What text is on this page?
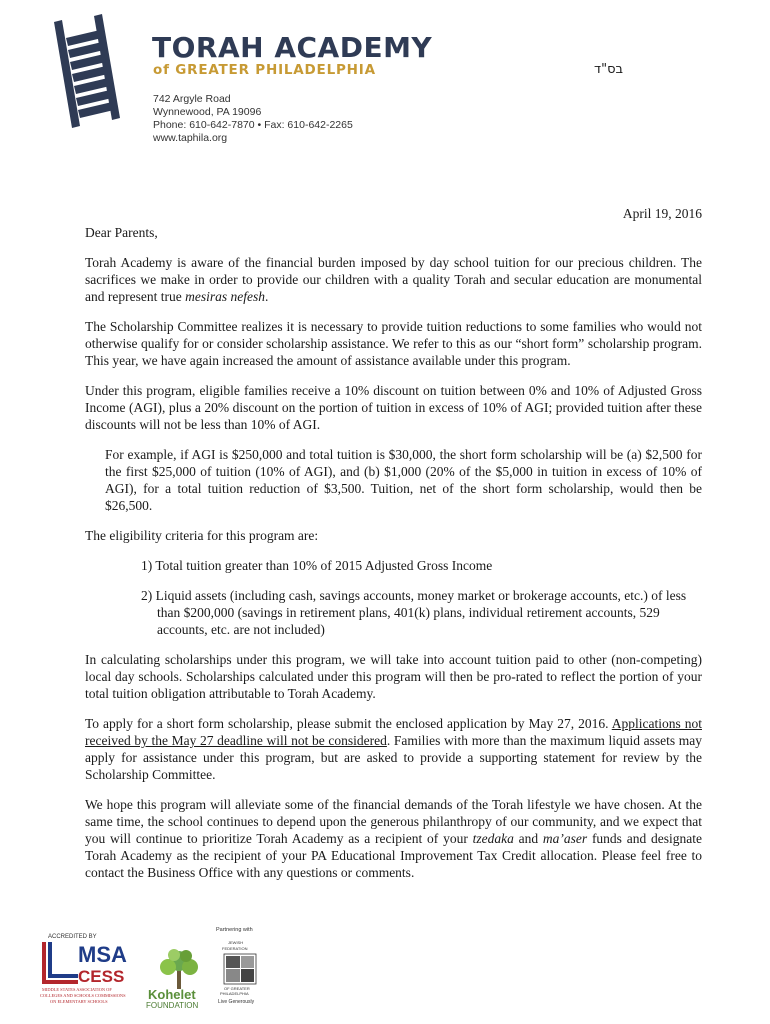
TORAH ACADEMY
of GREATER PHILADELPHIA	בס"ד
742 Argyle Road
Wynnewood, PA 19096
Phone: 610-642-7870 • Fax: 610-642-2265
www.taphila.org

April 19, 2016

Dear Parents,

Torah Academy is aware of the financial burden imposed by day school tuition for our precious children. The sacrifices we make in order to provide our children with a quality Torah and secular education are monumental and represent true mesiras nefesh.

The Scholarship Committee realizes it is necessary to provide tuition reductions to some families who would not otherwise qualify for or consider scholarship assistance. We refer to this as our “short form” scholarship program. This year, we have again increased the amount of assistance available under this program.

Under this program, eligible families receive a 10% discount on tuition between 0% and 10% of Adjusted Gross Income (AGI), plus a 20% discount on the portion of tuition in excess of 10% of AGI; provided tuition after these discounts will not be less than 10% of AGI.

For example, if AGI is $250,000 and total tuition is $30,000, the short form scholarship will be (a) $2,500 for the first $25,000 of tuition (10% of AGI), and (b) $1,000 (20% of the $5,000 in tuition in excess of 10% of AGI), for a total tuition reduction of $3,500. Tuition, net of the short form scholarship, would then be $26,500.

The eligibility criteria for this program are:

1) Total tuition greater than 10% of 2015 Adjusted Gross Income

2) Liquid assets (including cash, savings accounts, money market or brokerage accounts, etc.) of less than $200,000 (savings in retirement plans, 401(k) plans, individual retirement accounts, 529 accounts, etc. are not included)

In calculating scholarships under this program, we will take into account tuition paid to other (non-competing) local day schools. Scholarships calculated under this program will then be pro-rated to reflect the portion of your total tuition obligation attributable to Torah Academy.

To apply for a short form scholarship, please submit the enclosed application by May 27, 2016. Applications not received by the May 27 deadline will not be considered. Families with more than the maximum liquid assets may apply for assistance under this program, but are asked to provide a supporting statement for review by the Scholarship Committee.

We hope this program will alleviate some of the financial demands of the Torah lifestyle we have chosen. At the same time, the school continues to depend upon the generous philanthropy of our community, and we expect that you will continue to prioritize Torah Academy as a recipient of your tzedaka and ma’aser funds and designate Torah Academy as the recipient of your PA Educational Improvement Tax Credit allocation. Please feel free to contact the Business Office with any questions or comments.

ACCREDITED BY
MSA
CESS
MIDDLE STATES ASSOCIATION OF
COLLEGES AND SCHOOLS COMMISSIONS
ON ELEMENTARY SCHOOLS	Kohelet
FOUNDATION
Partnering with
JEWISH
FEDERATION
OF GREATER
PHILADELPHIA
Live Generously
